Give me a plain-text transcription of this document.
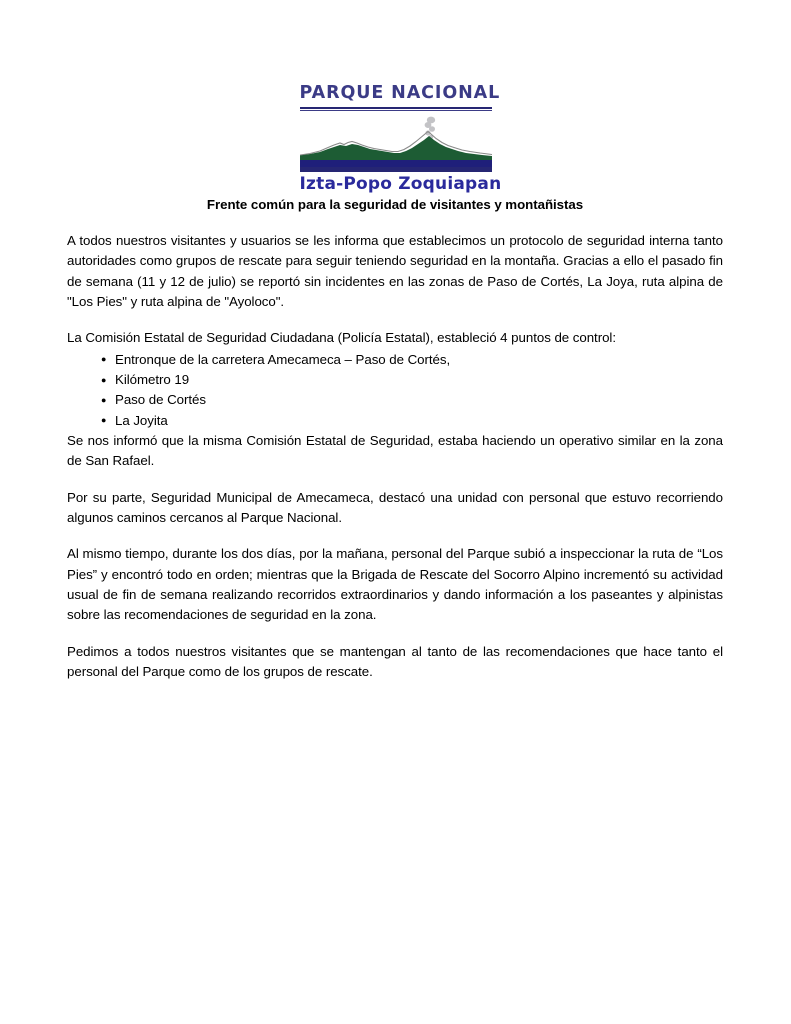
PARQUE NACIONAL
Izta-Popo Zoquiapan
Frente común para la seguridad de visitantes y montañistas

A todos nuestros visitantes y usuarios se les informa que establecimos un protocolo de seguridad interna tanto autoridades como grupos de rescate para seguir teniendo seguridad en la montaña. Gracias a ello el pasado fin de semana (11 y 12 de julio) se reportó sin incidentes en las zonas de Paso de Cortés, La Joya, ruta alpina de "Los Pies" y ruta alpina de "Ayoloco".

La Comisión Estatal de Seguridad Ciudadana (Policía Estatal), estableció 4 puntos de control:

● Entronque de la carretera Amecameca – Paso de Cortés,
● Kilómetro 19
● Paso de Cortés
● La Joyita

Se nos informó que la misma Comisión Estatal de Seguridad, estaba haciendo un operativo similar en la zona de San Rafael.

Por su parte, Seguridad Municipal de Amecameca, destacó una unidad con personal que estuvo recorriendo algunos caminos cercanos al Parque Nacional.

Al mismo tiempo, durante los dos días, por la mañana, personal del Parque subió a inspeccionar la ruta de “Los Pies” y encontró todo en orden; mientras que la Brigada de Rescate del Socorro Alpino incrementó su actividad usual de fin de semana realizando recorridos extraordinarios y dando información a los paseantes y alpinistas sobre las recomendaciones de seguridad en la zona.

Pedimos a todos nuestros visitantes que se mantengan al tanto de las recomendaciones que hace tanto el personal del Parque como de los grupos de rescate.
